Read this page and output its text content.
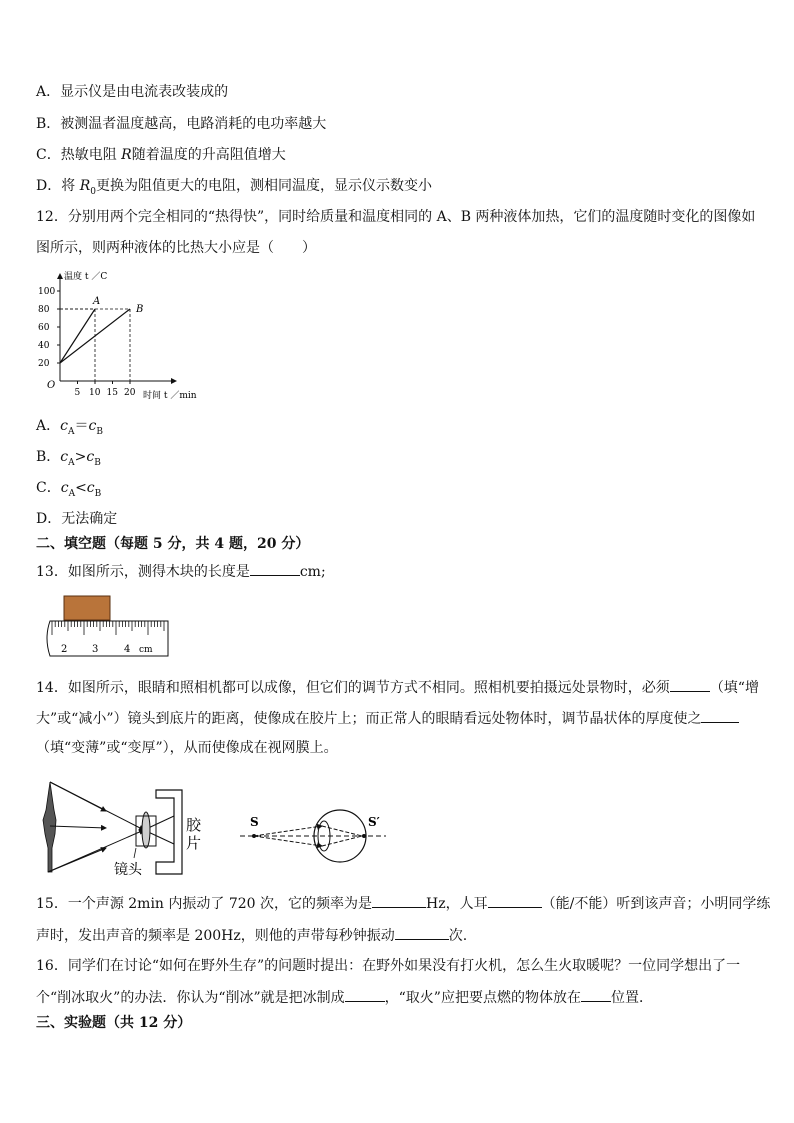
A．显示仪是由电流表改装成的
B．被测温者温度越高，电路消耗的电功率越大
C．热敏电阻 R随着温度的升高阻值增大
D．将 $R_0$更换为阻值更大的电阻，测相同温度，显示仪示数变小
12．分别用两个完全相同的“热得快”，同时给质量和温度相同的 A、B 两种液体加热，它们的温度随时变化的图像如
图所示，则两种液体的比热大小应是（　　）
温度 t ／C
时间 t ／min
O
20
40
60
80
100
5 10 15 20
A
B
A．$c_A=c_B$
B．$c_A>c_B$
C．$c_A<c_B$
D．无法确定
二、填空题（每题 5 分，共 4 题，20 分）
13．如图所示，测得木块的长度是	cm;
2 3	4 cm
14．如图所示，眼睛和照相机都可以成像，但它们的调节方式不相同。照相机要拍摄远处景物时，必须	（填“增
大”或“减小”）镜头到底片的距离，使像成在胶片上；而正常人的眼睛看远处物体时，调节晶状体的厚度使之
（填“变薄”或“变厚”），从而使像成在视网膜上。
胶
片
镜头
S	S′
15．一个声源 2min 内振动了 720 次，它的频率为是	Hz，人耳	（能/不能）听到该声音；小明同学练
声时，发出声音的频率是 200Hz，则他的声带每秒钟振动	次.
16．同学们在讨论“如何在野外生存”的问题时提出：在野外如果没有打火机，怎么生火取暖呢？一位同学想出了一
个“削冰取火”的办法．你认为“削冰”就是把冰制成	，“取火”应把要点燃的物体放在 位置．
三、实验题（共 12 分）
